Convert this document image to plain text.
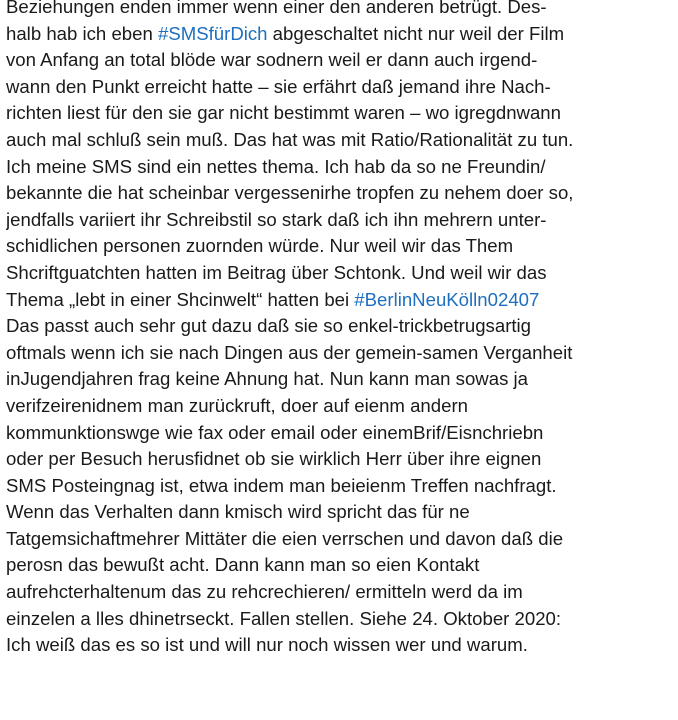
Beziehungen enden immer wenn einer den anderen betrügt. Des-
halb hab ich eben #SMSfürDich abgeschaltet nicht nur weil der Film
von Anfang an total blöde war sodnern weil er dann auch irgend-
wann den Punkt erreicht hatte – sie erfährt daß jemand ihre Nach-
richten liest für den sie gar nicht bestimmt waren – wo igregdnwann
auch mal schluß sein muß. Das hat was mit Ratio/Rationalität zu tun.
Ich meine SMS sind ein nettes thema. Ich hab da so ne Freundin/
bekannte die hat scheinbar vergessenirhe tropfen zu nehem doer so,
jendfalls variiert ihr Schreibstil so stark daß ich ihn mehrern unter-
schidlichen personen zuornden würde. Nur weil wir das Them
Shcriftguatchten hatten im Beitrag über Schtonk. Und weil wir das
Thema „lebt in einer Shcinwelt“ hatten bei #BerlinNeuKölln02407
Das passt auch sehr gut dazu daß sie so enkel-trickbetrugsartig
oftmals wenn ich sie nach Dingen aus der gemein-samen Verganheit
inJugendjahren frag keine Ahnung hat. Nun kann man sowas ja
verifzeirenidnem man zurückruft, doer auf eienm andern
kommunktionswge wie fax oder email oder einemBrif/Eisnchriebn
oder per Besuch herusfidnet ob sie wirklich Herr über ihre eignen
SMS Posteingnag ist, etwa indem man beieienm Treffen nachfragt.
Wenn das Verhalten dann kmisch wird spricht das für ne
Tatgemsichaftmehrer Mittäter die eien verrschen und davon daß die
perosn das bewußt acht. Dann kann man so eien Kontakt
aufrehcterhaltenum das zu rehcrechieren/ ermitteln werd da im
einzelen a lles dhinetrseckt. Fallen stellen. Siehe 24. Oktober 2020:
Ich weiß das es so ist und will nur noch wissen wer und warum.
